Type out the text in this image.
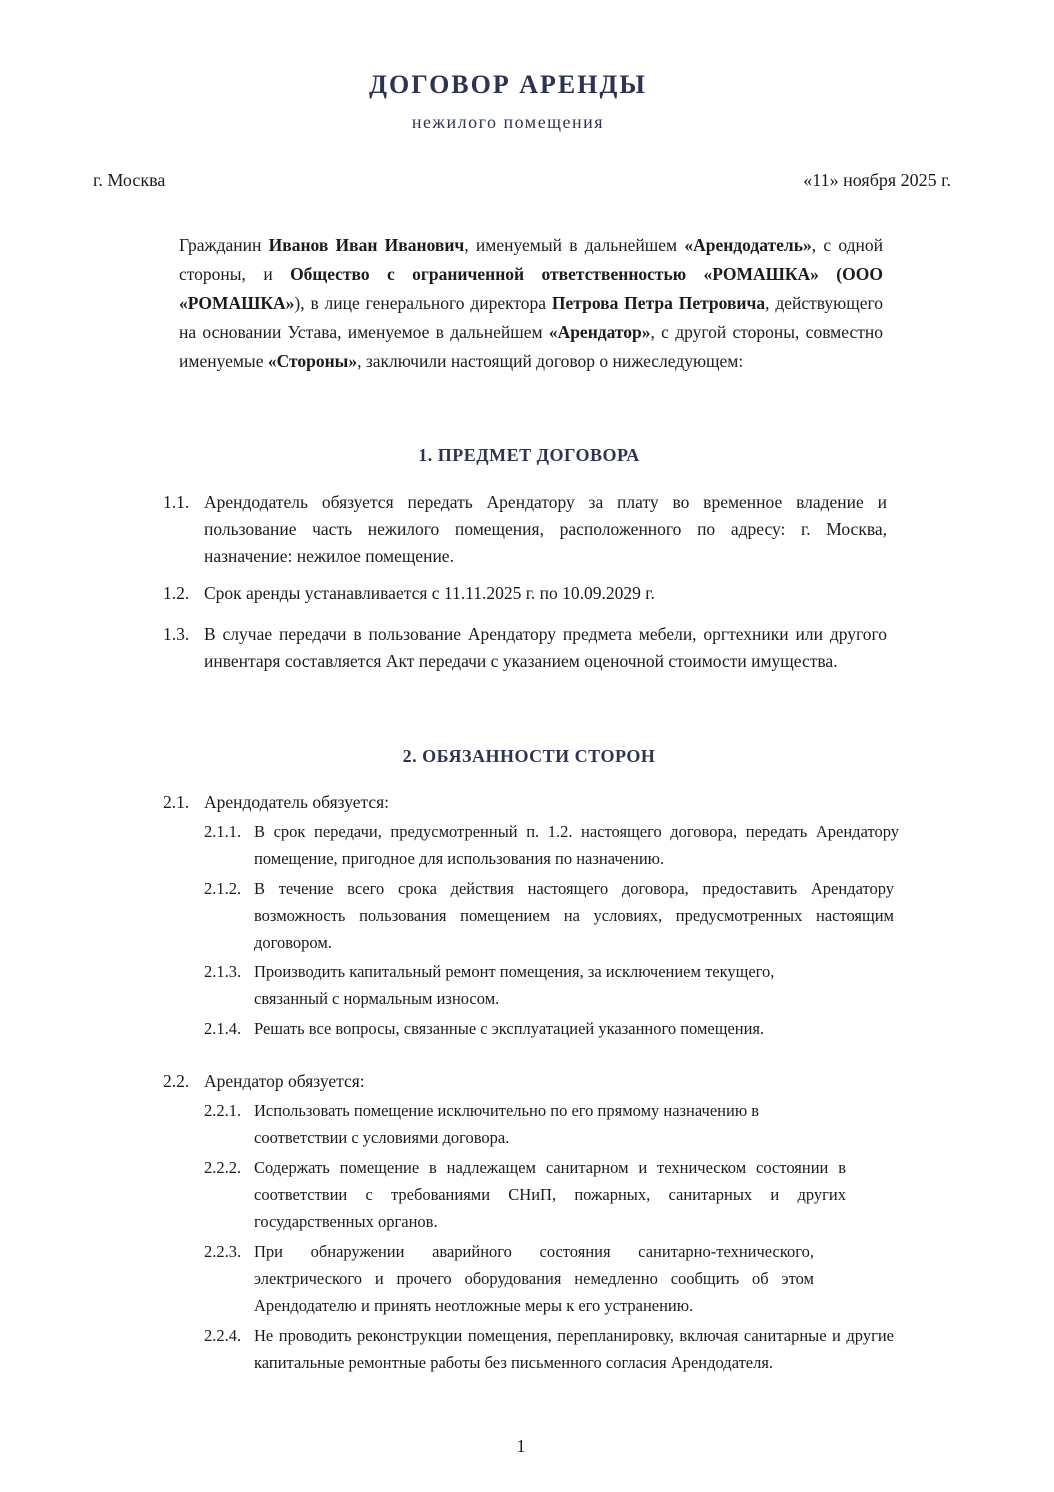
ДОГОВОР АРЕНДЫ
нежилого помещения
г. Москва	«11» ноября 2025 г.
Гражданин Иванов Иван Иванович, именуемый в дальнейшем «Арендодатель», с одной стороны, и Общество с ограниченной ответственностью «РОМАШКА» (ООО «РОМАШКА»), в лице генерального директора Петрова Петра Петровича, действующего на основании Устава, именуемое в дальнейшем «Арендатор», с другой стороны, совместно именуемые «Стороны», заключили настоящий договор о нижеследующем:
1. ПРЕДМЕТ ДОГОВОРА
1.1. Арендодатель обязуется передать Арендатору за плату во временное владение и пользование часть нежилого помещения, расположенного по адресу: г. Москва, назначение: нежилое помещение.
1.2. Срок аренды устанавливается с 11.11.2025 г. по 10.09.2029 г.
1.3. В случае передачи в пользование Арендатору предмета мебели, оргтехники или другого инвентаря составляется Акт передачи с указанием оценочной стоимости имущества.
2. ОБЯЗАННОСТИ СТОРОН
2.1. Арендодатель обязуется:
2.1.1. В срок передачи, предусмотренный п. 1.2. настоящего договора, передать Арендатору помещение, пригодное для использования по назначению.
2.1.2. В течение всего срока действия настоящего договора, предоставить Арендатору возможность пользования помещением на условиях, предусмотренных настоящим договором.
2.1.3. Производить капитальный ремонт помещения, за исключением текущего, связанный с нормальным износом.
2.1.4. Решать все вопросы, связанные с эксплуатацией указанного помещения.
2.2. Арендатор обязуется:
2.2.1. Использовать помещение исключительно по его прямому назначению в соответствии с условиями договора.
2.2.2. Содержать помещение в надлежащем санитарном и техническом состоянии в соответствии с требованиями СНиП, пожарных, санитарных и других государственных органов.
2.2.3. При обнаружении аварийного состояния санитарно-технического, электрического и прочего оборудования немедленно сообщить об этом Арендодателю и принять неотложные меры к его устранению.
2.2.4. Не проводить реконструкции помещения, перепланировку, включая санитарные и другие капитальные ремонтные работы без письменного согласия Арендодателя.
1
